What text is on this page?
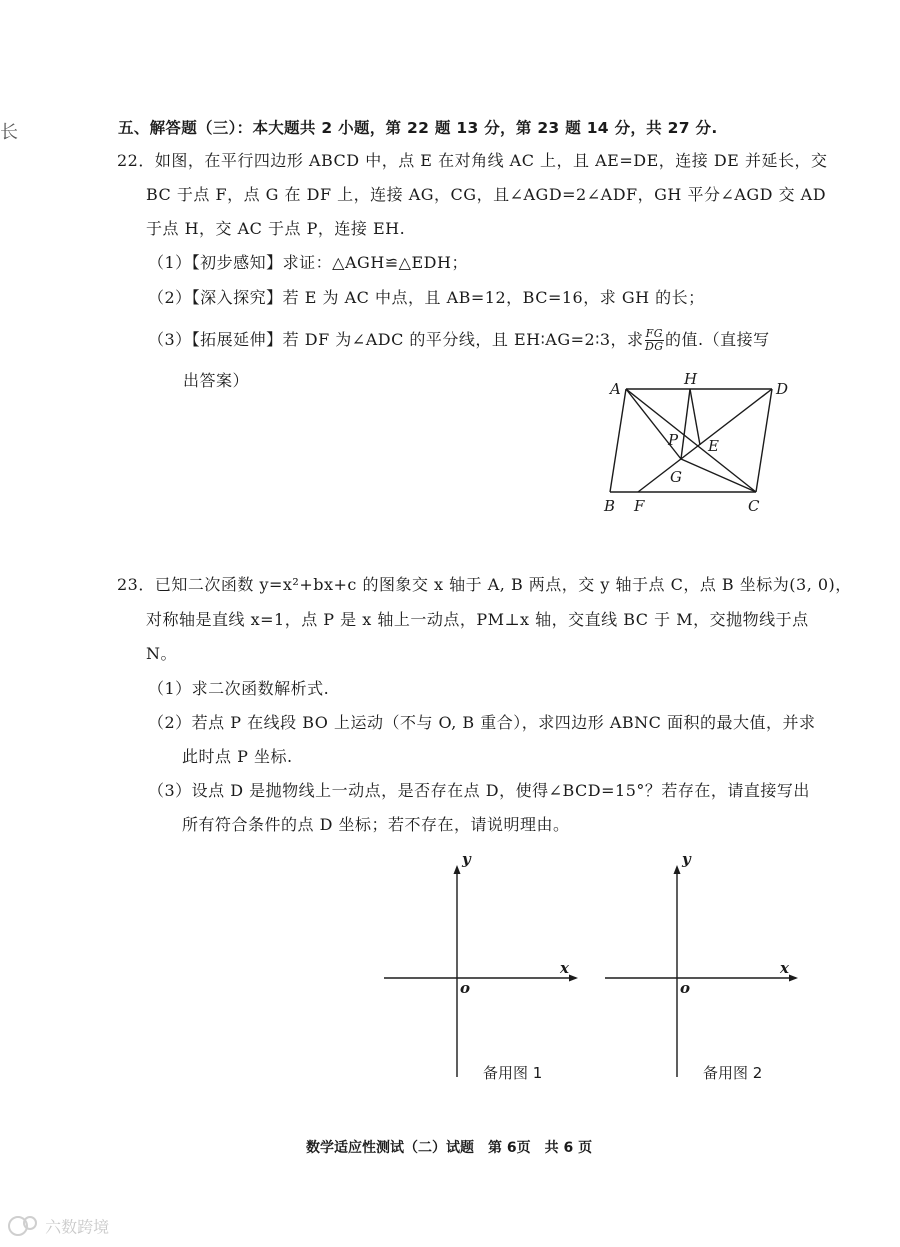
长	五、解答题（三）：本大题共 2 小题，第 22 题 13 分，第 23 题 14 分，共 27 分.
22．如图，在平行四边形 ABCD 中，点 E 在对角线 AC 上，且 AE=DE，连接 DE 并延长，交
BC 于点 F，点 G 在 DF 上，连接 AG，CG，且∠AGD=2∠ADF，GH 平分∠AGD 交 AD
于点 H，交 AC 于点 P，连接 EH.
（1）【初步感知】求证：△AGH≌△EDH；
（2）【深入探究】若 E 为 AC 中点，且 AB=12，BC=16，求 GH 的长；
（3）【拓展延伸】若 DF 为∠ADC 的平分线，且 EH∶AG=2∶3，求 $\frac{FG}{DG}$ 的值.（直接写
出答案）	A
H
D
P E
G
B F	C
23．已知二次函数 y=x²+bx+c 的图象交 x 轴于 A, B 两点，交 y 轴于点 C，点 B 坐标为(3, 0)，
对称轴是直线 x=1，点 P 是 x 轴上一动点，PM⊥x 轴，交直线 BC 于 M，交抛物线于点
N。
（1）求二次函数解析式.
（2）若点 P 在线段 BO 上运动（不与 O, B 重合），求四边形 ABNC 面积的最大值，并求
此时点 P 坐标.
（3）设点 D 是抛物线上一动点，是否存在点 D，使得∠BCD=15°？若存在，请直接写出
所有符合条件的点 D 坐标；若不存在，请说明理由。
y
x
o
备用图 1
y
x
o
备用图 2
数学适应性测试（二）试题　第 6页　共 6 页
六数跨境
